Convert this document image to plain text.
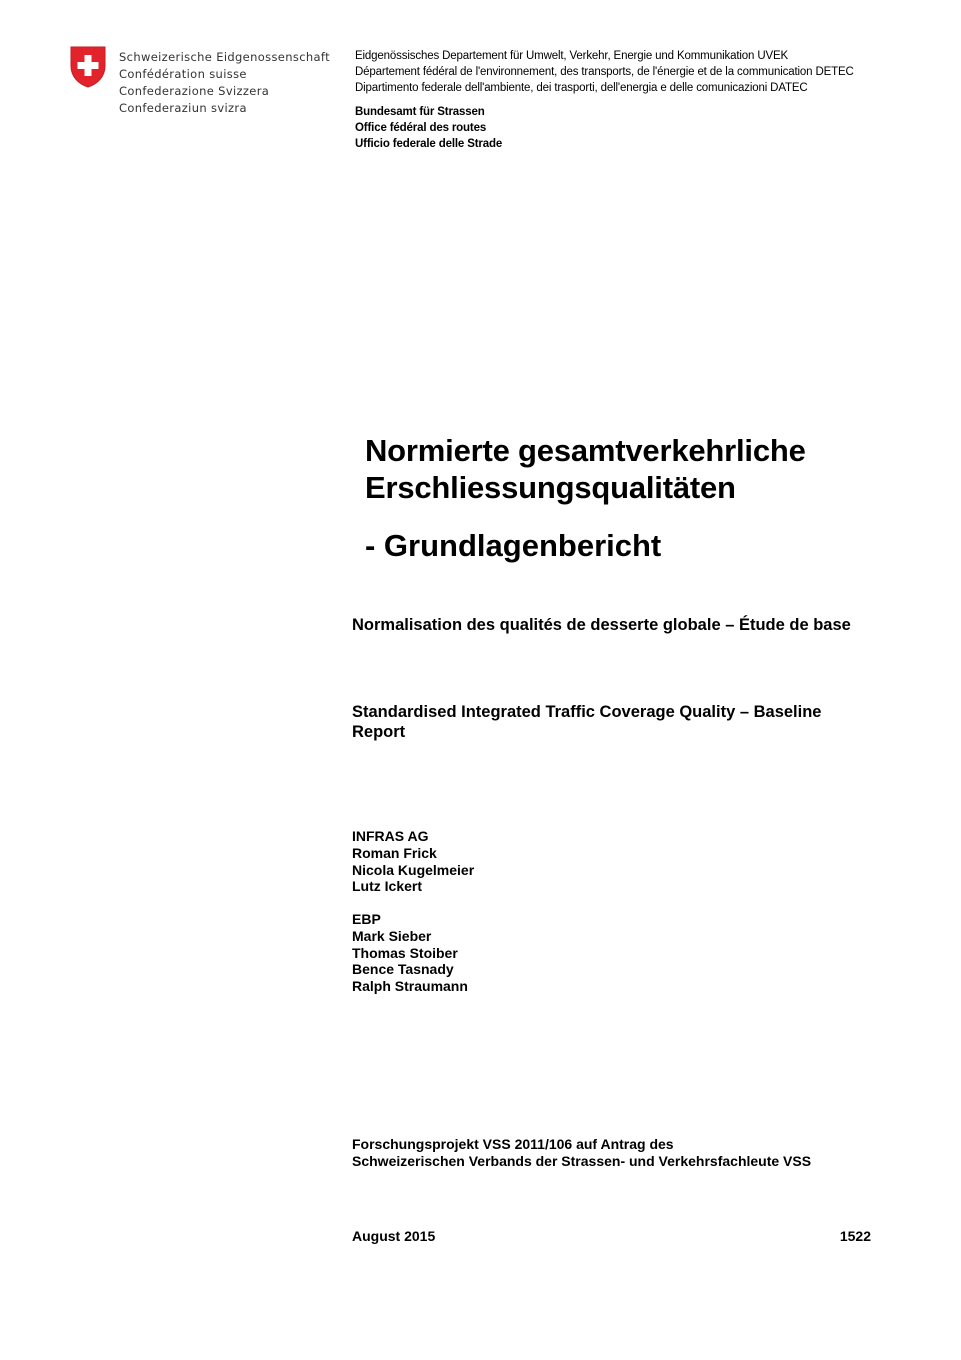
Schweizerische Eidgenossenschaft
Confédération suisse
Confederazione Svizzera
Confederaziun svizra
Eidgenössisches Departement für Umwelt, Verkehr, Energie und Kommunikation UVEK
Département fédéral de l'environnement, des transports, de l'énergie et de la communication DETEC
Dipartimento federale dell'ambiente, dei trasporti, dell'energia e delle comunicazioni DATEC
Bundesamt für Strassen
Office fédéral des routes
Ufficio federale delle Strade
Normierte gesamtverkehrliche
Erschliessungsqualitäten
- Grundlagenbericht
Normalisation des qualités de desserte globale – Étude de base
Standardised Integrated Traffic Coverage Quality – Baseline Report
INFRAS AG
Roman Frick
Nicola Kugelmeier
Lutz Ickert
EBP
Mark Sieber
Thomas Stoiber
Bence Tasnady
Ralph Straumann
Forschungsprojekt VSS 2011/106 auf Antrag des
Schweizerischen Verbands der Strassen- und Verkehrsfachleute VSS
August 2015	1522
